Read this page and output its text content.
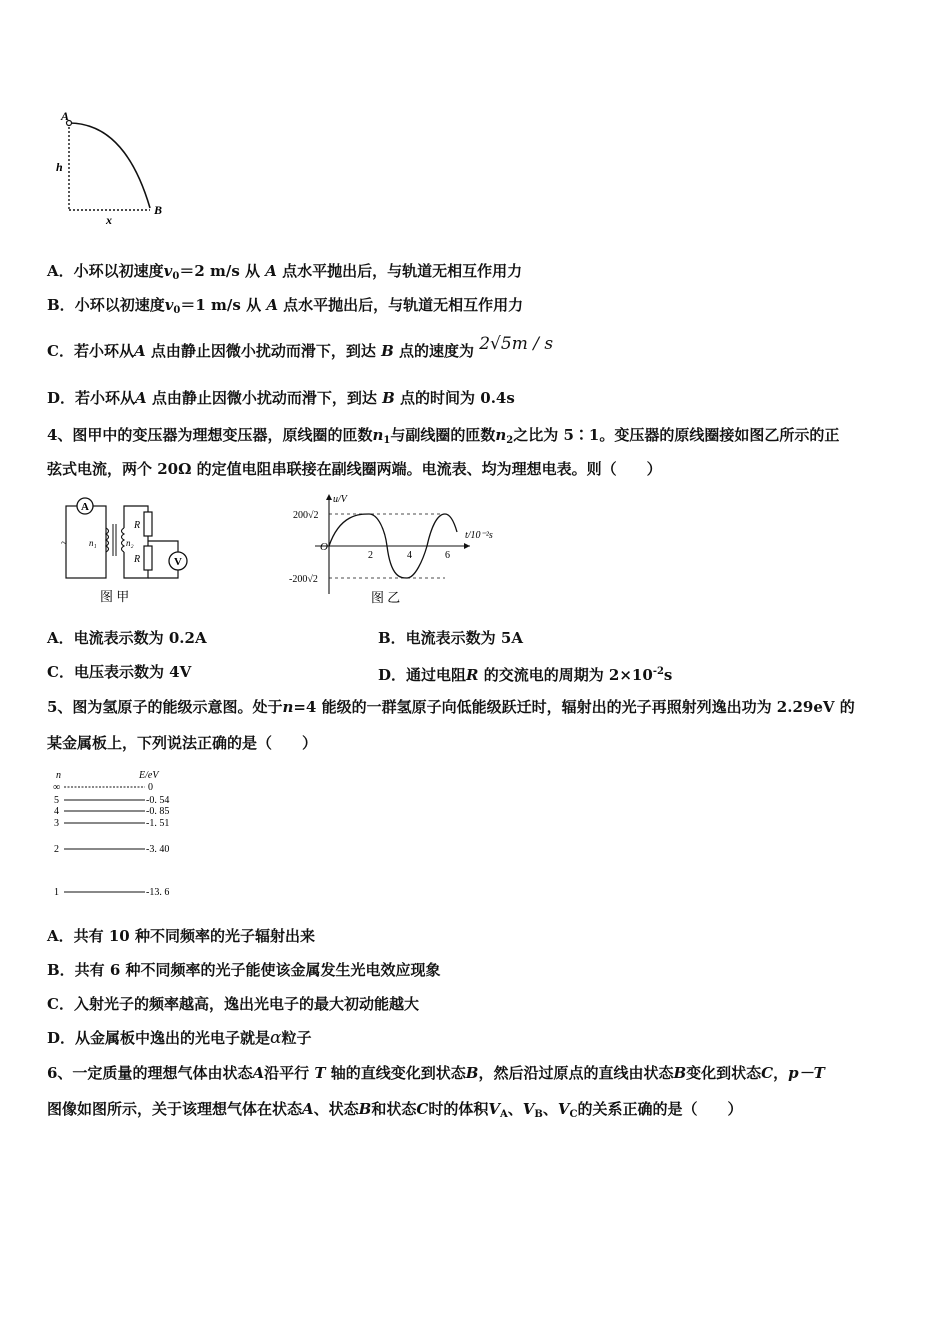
A
B
h
x
A．小环以初速度$v_0=2$ m/s 从 A 点水平抛出后，与轨道无相互作用力
B．小环以初速度$v_0=1$ m/s 从 A 点水平抛出后，与轨道无相互作用力
C．若小环从A 点由静止因微小扰动而滑下，到达 B 点的速度为 2√5m / s
D．若小环从A 点由静止因微小扰动而滑下，到达 B 点的时间为 0.4s
4、图甲中的变压器为理想变压器，原线圈的匝数$n_1$与副线圈的匝数$n_2$之比为 5∶1。变压器的原线圈接如图乙所示的正
弦式电流，两个 20Ω 的定值电阻串联接在副线圈两端。电流表、均为理想电表。则（　　）
A
~ n₁	n₂
R
R	V
图 甲
u/V
t/10⁻²s
200√2
-200√2
O
2	4	6
图 乙
A．电流表示数为 0.2A	B．电流表示数为 5A
C．电压表示数为 4V	D．通过电阻R 的交流电的周期为 $2\times 10^{-2}s$
5、图为氢原子的能级示意图。处于n=4 能级的一群氢原子向低能级跃迁时，辐射出的光子再照射列逸出功为 2.29eV 的
某金属板上，下列说法正确的是（　　）
n	E/eV
∞	0
5	-0. 54
4	-0. 85
3	-1. 51
2	-3. 40
1	-13. 6
A．共有 10 种不同频率的光子辐射出来
B．共有 6 种不同频率的光子能使该金属发生光电效应现象
C．入射光子的频率越高，逸出光电子的最大初动能越大
D．从金属板中逸出的光电子就是α粒子
6、一定质量的理想气体由状态A沿平行 T 轴的直线变化到状态B，然后沿过原点的直线由状态B变化到状态C，p－T
图像如图所示，关于该理想气体在状态A、状态B和状态C时的体积$V_A$、$V_B$、$V_C$的关系正确的是（　　）
